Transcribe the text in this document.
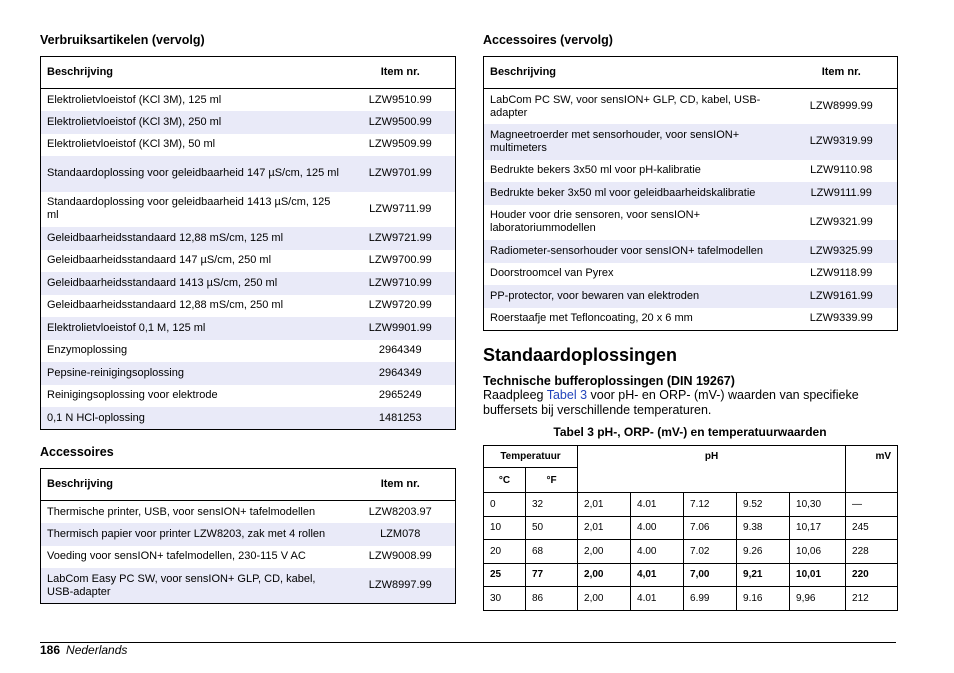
Verbruiksartikelen (vervolg)
Beschrijving	Item nr.
Elektrolietvloeistof (KCl 3M), 125 ml	LZW9510.99
Elektrolietvloeistof (KCl 3M), 250 ml	LZW9500.99
Elektrolietvloeistof (KCl 3M), 50 ml	LZW9509.99
Standaardoplossing voor geleidbaarheid 147 µS/cm, 125 ml	LZW9701.99
Standaardoplossing voor geleidbaarheid 1413 µS/cm, 125 ml	LZW9711.99
Geleidbaarheidsstandaard 12,88 mS/cm, 125 ml	LZW9721.99
Geleidbaarheidsstandaard 147 µS/cm, 250 ml	LZW9700.99
Geleidbaarheidsstandaard 1413 µS/cm, 250 ml	LZW9710.99
Geleidbaarheidsstandaard 12,88 mS/cm, 250 ml	LZW9720.99
Elektrolietvloeistof 0,1 M, 125 ml	LZW9901.99
Enzymoplossing	2964349
Pepsine-reinigingsoplossing	2964349
Reinigingsoplossing voor elektrode	2965249
0,1 N HCl-oplossing	1481253
Accessoires
Beschrijving	Item nr.
Thermische printer, USB, voor sensION+ tafelmodellen	LZW8203.97
Thermisch papier voor printer LZW8203, zak met 4 rollen	LZM078
Voeding voor sensION+ tafelmodellen, 230-115 V AC	LZW9008.99
LabCom Easy PC SW, voor sensION+ GLP, CD, kabel, USB-adapter	LZW8997.99
Accessoires (vervolg)
Beschrijving	Item nr.
LabCom PC SW, voor sensION+ GLP, CD, kabel, USB-adapter	LZW8999.99
Magneetroerder met sensorhouder, voor sensION+ multimeters	LZW9319.99
Bedrukte bekers 3x50 ml voor pH-kalibratie	LZW9110.98
Bedrukte beker 3x50 ml voor geleidbaarheidskalibratie	LZW9111.99
Houder voor drie sensoren, voor sensION+ laboratoriummodellen	LZW9321.99
Radiometer-sensorhouder voor sensION+ tafelmodellen	LZW9325.99
Doorstroomcel van Pyrex	LZW9118.99
PP-protector, voor bewaren van elektroden	LZW9161.99
Roerstaafje met Tefloncoating, 20 x 6 mm	LZW9339.99
Standaardoplossingen
Technische bufferoplossingen (DIN 19267)
Raadpleeg Tabel 3 voor pH- en ORP- (mV-) waarden van specifieke buffersets bij verschillende temperaturen.
Tabel 3 pH-, ORP- (mV-) en temperatuurwaarden
Temperatuur		pH					mV
°C	°F						
0	32	2,01	4.01	7.12	9.52	10,30	—
10	50	2,01	4.00	7.06	9.38	10,17	245
20	68	2,00	4.00	7.02	9.26	10,06	228
25	77	2,00	4,01	7,00	9,21	10,01	220
30	86	2,00	4.01	6.99	9.16	9,96	212
186 Nederlands
